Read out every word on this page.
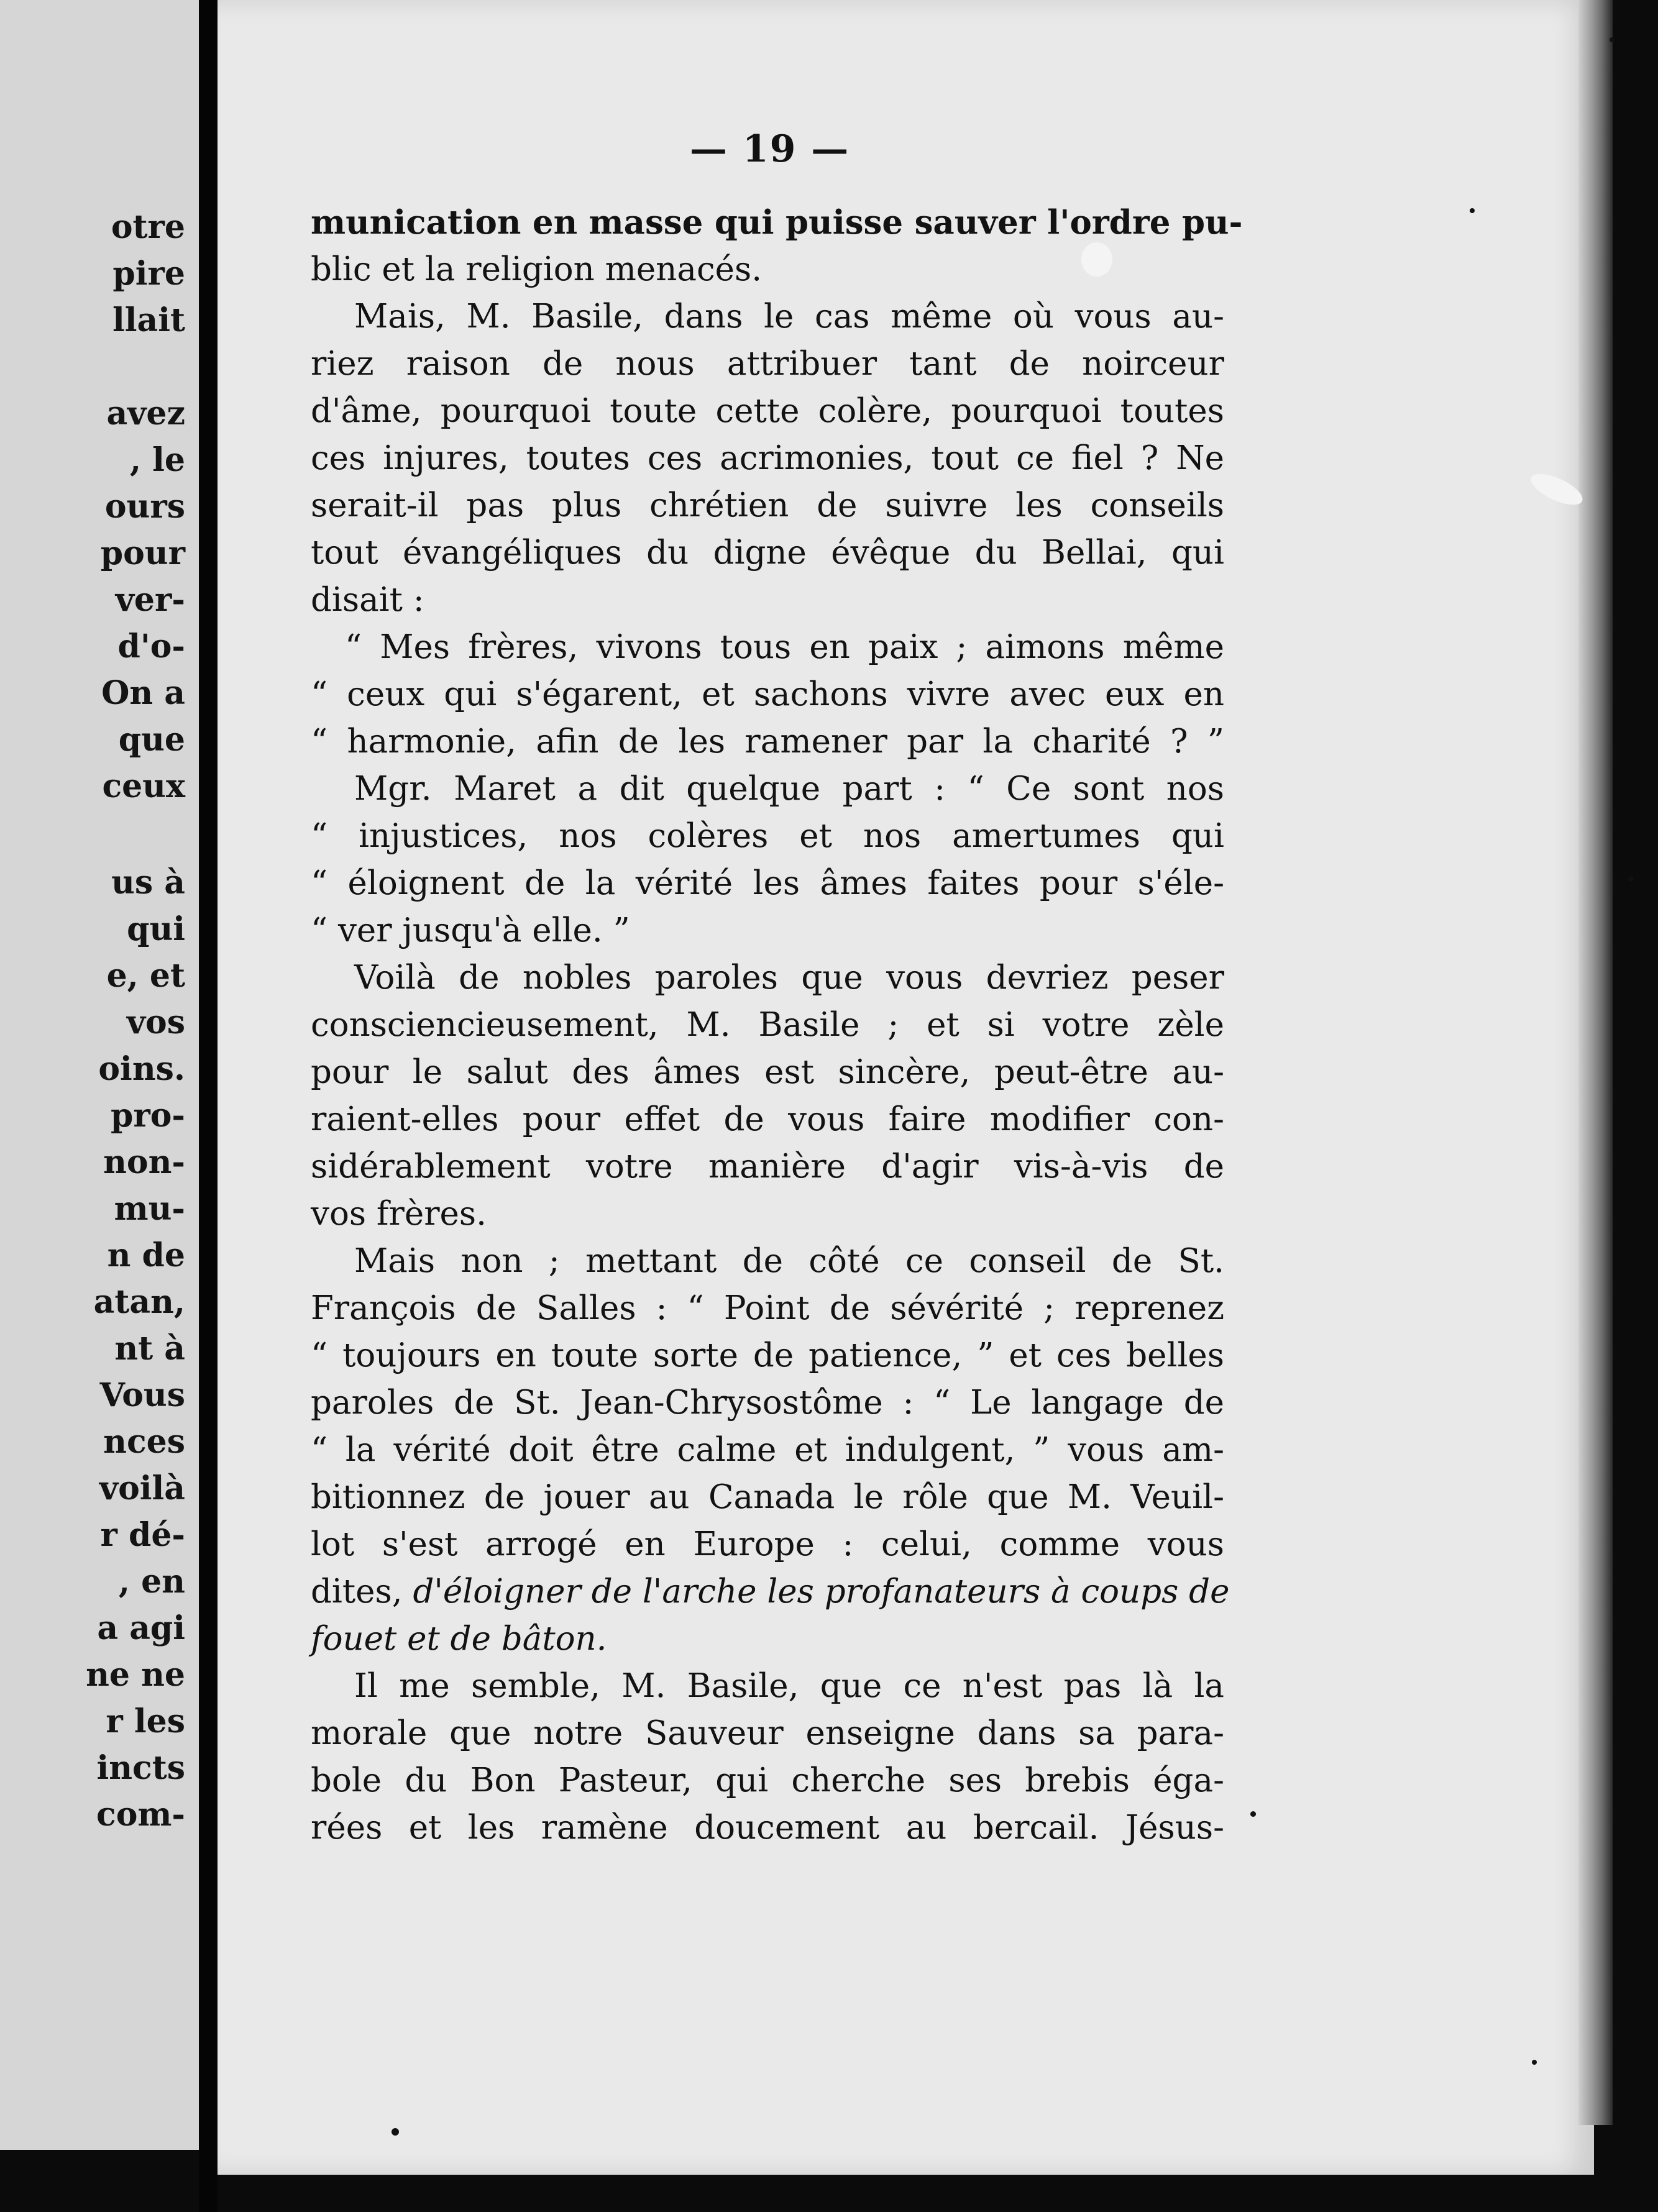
otre
pire
llait
avez
, le
ours
pour
ver-
d'o-
On a
que
ceux
us à
qui
e, et
vos
oins.
pro-
non-
mu-
n de
atan,
nt à
Vous
nces
voilà
r dé-
, en
a agi
ne ne
r les
incts
com-
— 19 —
munication en masse qui puisse sauver l'ordre pu-
blic et la religion menacés.
Mais, M. Basile, dans le cas même où vous au-
riez raison de nous attribuer tant de noirceur
d'âme, pourquoi toute cette colère, pourquoi toutes
ces injures, toutes ces acrimonies, tout ce fiel ? Ne
serait-il pas plus chrétien de suivre les conseils
tout évangéliques du digne évêque du Bellai, qui
disait :
“ Mes frères, vivons tous en paix ; aimons même
“ ceux qui s'égarent, et sachons vivre avec eux en
“ harmonie, afin de les ramener par la charité ? ”
Mgr. Maret a dit quelque part : “ Ce sont nos
“ injustices, nos colères et nos amertumes qui
“ éloignent de la vérité les âmes faites pour s'éle-
“ ver jusqu'à elle. ”
Voilà de nobles paroles que vous devriez peser
consciencieusement, M. Basile ; et si votre zèle
pour le salut des âmes est sincère, peut-être au-
raient-elles pour effet de vous faire modifier con-
sidérablement votre manière d'agir vis-à-vis de
vos frères.
Mais non ; mettant de côté ce conseil de St.
François de Salles : “ Point de sévérité ; reprenez
“ toujours en toute sorte de patience, ” et ces belles
paroles de St. Jean-Chrysostôme : “ Le langage de
“ la vérité doit être calme et indulgent, ” vous am-
bitionnez de jouer au Canada le rôle que M. Veuil-
lot s'est arrogé en Europe : celui, comme vous
dites, d'éloigner de l'arche les profanateurs à coups de
fouet et de bâton.
Il me semble, M. Basile, que ce n'est pas là la
morale que notre Sauveur enseigne dans sa para-
bole du Bon Pasteur, qui cherche ses brebis éga-
rées et les ramène doucement au bercail. Jésus-
